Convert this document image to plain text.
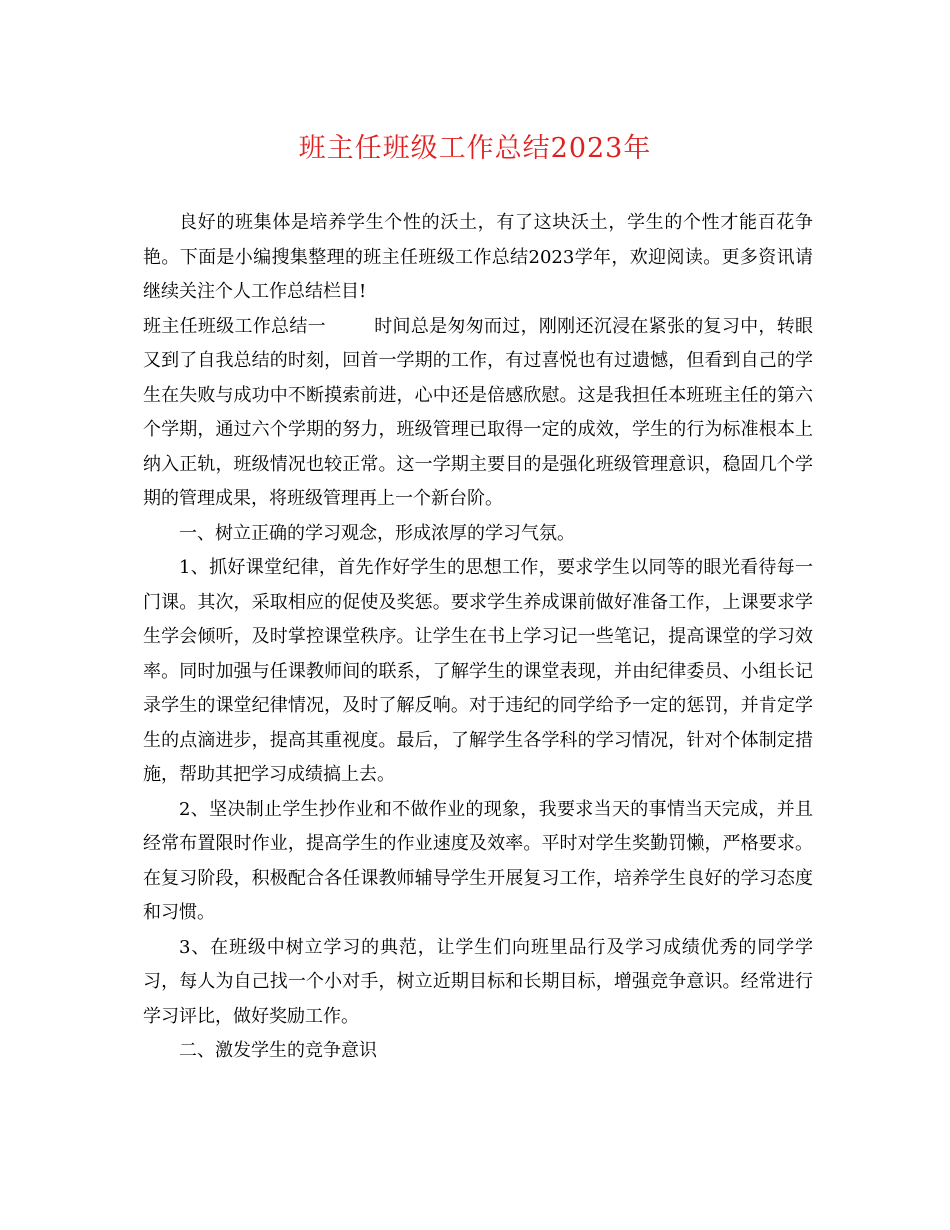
班主任班级工作总结2023年

良好的班集体是培养学生个性的沃土，有了这块沃土，学生的个性才能百花争艳。下面是小编搜集整理的班主任班级工作总结2023学年，欢迎阅读。更多资讯请继续关注个人工作总结栏目!

班主任班级工作总结一	时间总是匆匆而过，刚刚还沉浸在紧张的复习中，转眼又到了自我总结的时刻，回首一学期的工作，有过喜悦也有过遗憾，但看到自己的学生在失败与成功中不断摸索前进，心中还是倍感欣慰。这是我担任本班班主任的第六个学期，通过六个学期的努力，班级管理已取得一定的成效，学生的行为标准根本上纳入正轨，班级情况也较正常。这一学期主要目的是强化班级管理意识，稳固几个学期的管理成果，将班级管理再上一个新台阶。

一、树立正确的学习观念，形成浓厚的学习气氛。

1、抓好课堂纪律，首先作好学生的思想工作，要求学生以同等的眼光看待每一门课。其次，采取相应的促使及奖惩。要求学生养成课前做好准备工作，上课要求学生学会倾听，及时掌控课堂秩序。让学生在书上学习记一些笔记，提高课堂的学习效率。同时加强与任课教师间的联系，了解学生的课堂表现，并由纪律委员、小组长记录学生的课堂纪律情况，及时了解反响。对于违纪的同学给予一定的惩罚，并肯定学生的点滴进步，提高其重视度。最后，了解学生各学科的学习情况，针对个体制定措施，帮助其把学习成绩搞上去。

2、坚决制止学生抄作业和不做作业的现象，我要求当天的事情当天完成，并且经常布置限时作业，提高学生的作业速度及效率。平时对学生奖勤罚懒，严格要求。在复习阶段，积极配合各任课教师辅导学生开展复习工作，培养学生良好的学习态度和习惯。

3、在班级中树立学习的典范，让学生们向班里品行及学习成绩优秀的同学学习，每人为自己找一个小对手，树立近期目标和长期目标，增强竞争意识。经常进行学习评比，做好奖励工作。

二、激发学生的竞争意识
